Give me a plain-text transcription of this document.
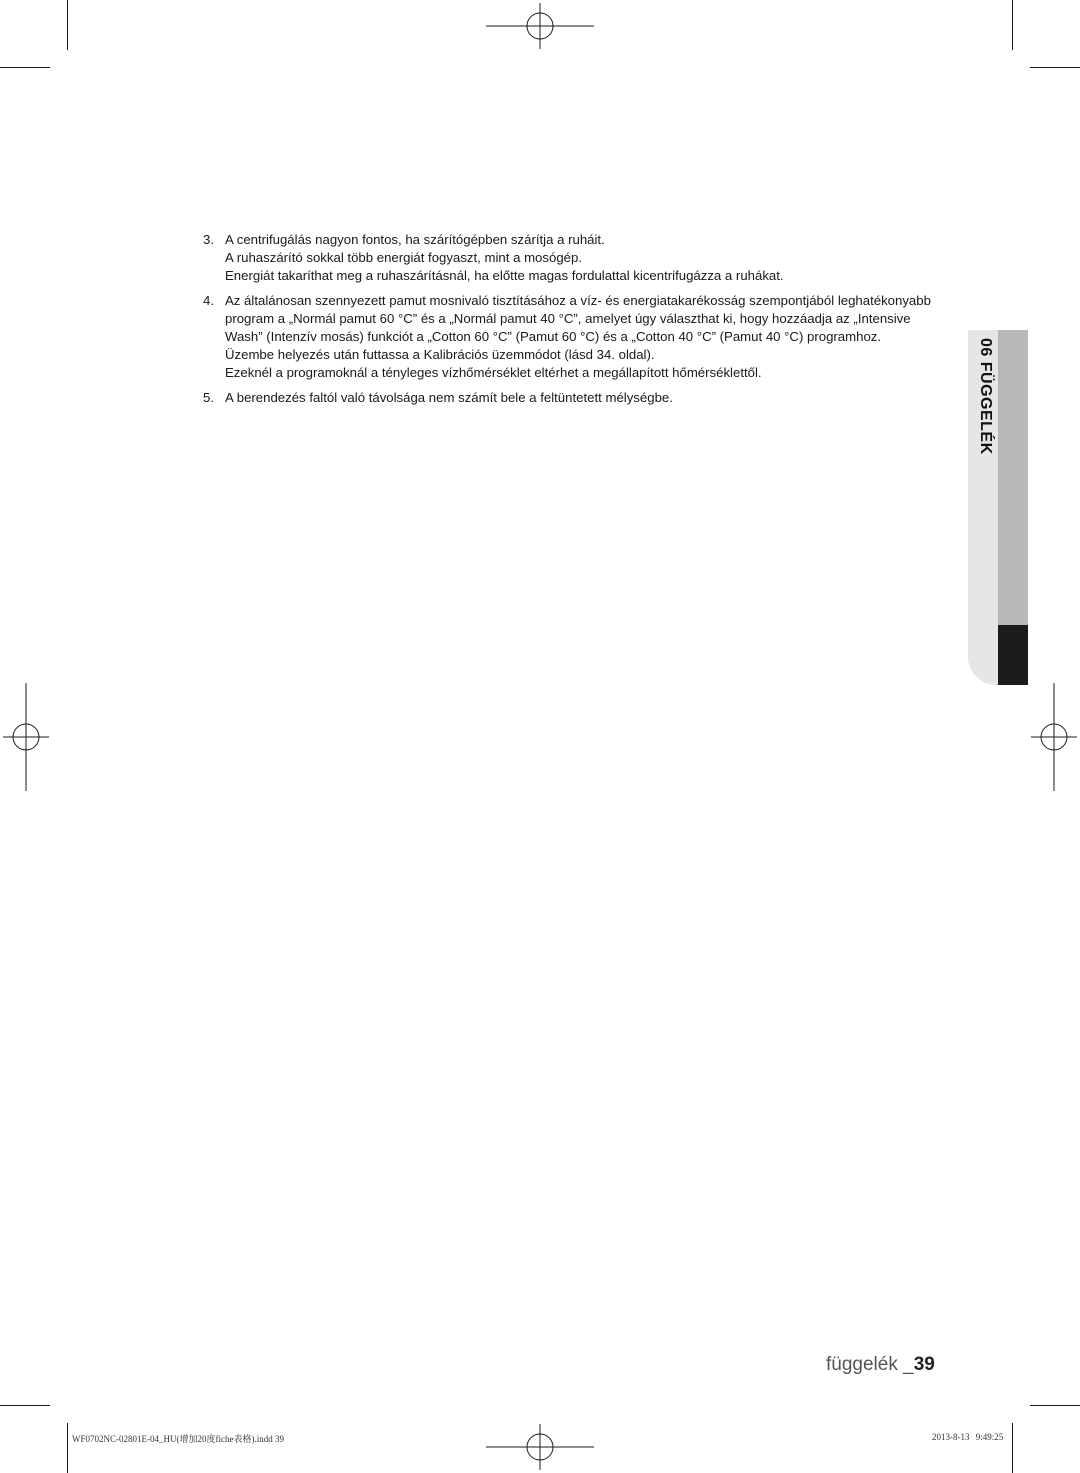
3. A centrifugálás nagyon fontos, ha szárítógépben szárítja a ruháit.

A ruhaszárító sokkal több energiát fogyaszt, mint a mosógép.

Energiát takaríthat meg a ruhaszárításnál, ha előtte magas fordulattal kicentrifugázza a ruhákat.

4. Az általánosan szennyezett pamut mosnivaló tisztításához a víz- és energiatakarékosság szempontjából leghatékonyabb program a „Normál pamut 60 °C” és a „Normál pamut 40 °C”, amelyet úgy választhat ki, hogy hozzáadja az „Intensive Wash” (Intenzív mosás) funkciót a „Cotton 60 °C” (Pamut 60 °C) és a „Cotton 40 °C” (Pamut 40 °C) programhoz.

Üzembe helyezés után futtassa a Kalibrációs üzemmódot (lásd 34. oldal).

Ezeknél a programoknál a tényleges vízhőmérséklet eltérhet a megállapított hőmérséklettől.

5. A berendezés faltól való távolsága nem számít bele a feltüntetett mélységbe.	06 FÜGGELÉK
függelék _39
WF0702NC-02801E-04_HU(增加20度fiche表格).indd 39	2013-8-13 9:49:25
